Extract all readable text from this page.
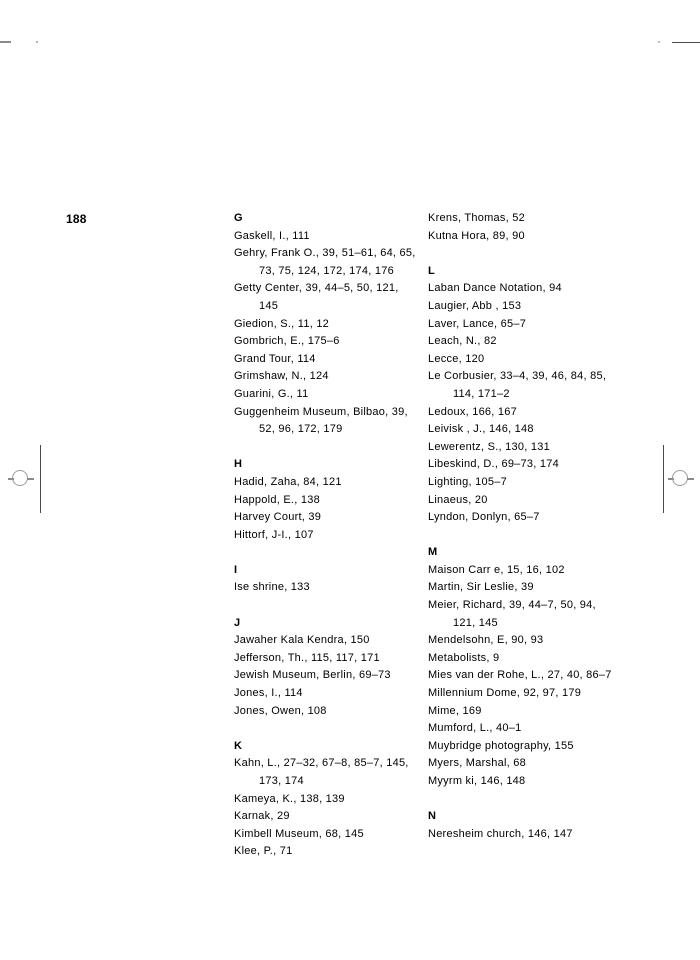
188	G
Gaskell, I., 111
Gehry, Frank O., 39, 51–61, 64, 65, 73, 75, 124, 172, 174, 176
Getty Center, 39, 44–5, 50, 121, 145
Giedion, S., 11, 12
Gombrich, E., 175–6
Grand Tour, 114
Grimshaw, N., 124
Guarini, G., 11
Guggenheim Museum, Bilbao, 39, 52, 96, 172, 179
H
Hadid, Zaha, 84, 121
Happold, E., 138
Harvey Court, 39
Hittorf, J-I., 107
I
Ise shrine, 133
J
Jawaher Kala Kendra, 150
Jefferson, Th., 115, 117, 171
Jewish Museum, Berlin, 69–73
Jones, I., 114
Jones, Owen, 108
K
Kahn, L., 27–32, 67–8, 85–7, 145, 173, 174
Kameya, K., 138, 139
Karnak, 29
Kimbell Museum, 68, 145
Klee, P., 71
Krens, Thomas, 52
Kutna Hora, 89, 90
L
Laban Dance Notation, 94
Laugier, Abb , 153
Laver, Lance, 65–7
Leach, N., 82
Lecce, 120
Le Corbusier, 33–4, 39, 46, 84, 85, 114, 171–2
Ledoux, 166, 167
Leivisk , J., 146, 148
Lewerentz, S., 130, 131
Libeskind, D., 69–73, 174
Lighting, 105–7
Linaeus, 20
Lyndon, Donlyn, 65–7
M
Maison Carr e, 15, 16, 102
Martin, Sir Leslie, 39
Meier, Richard, 39, 44–7, 50, 94, 121, 145
Mendelsohn, E, 90, 93
Metabolists, 9
Mies van der Rohe, L., 27, 40, 86–7
Millennium Dome, 92, 97, 179
Mime, 169
Mumford, L., 40–1
Muybridge photography, 155
Myers, Marshal, 68
Myyrm ki, 146, 148
N
Neresheim church, 146, 147
